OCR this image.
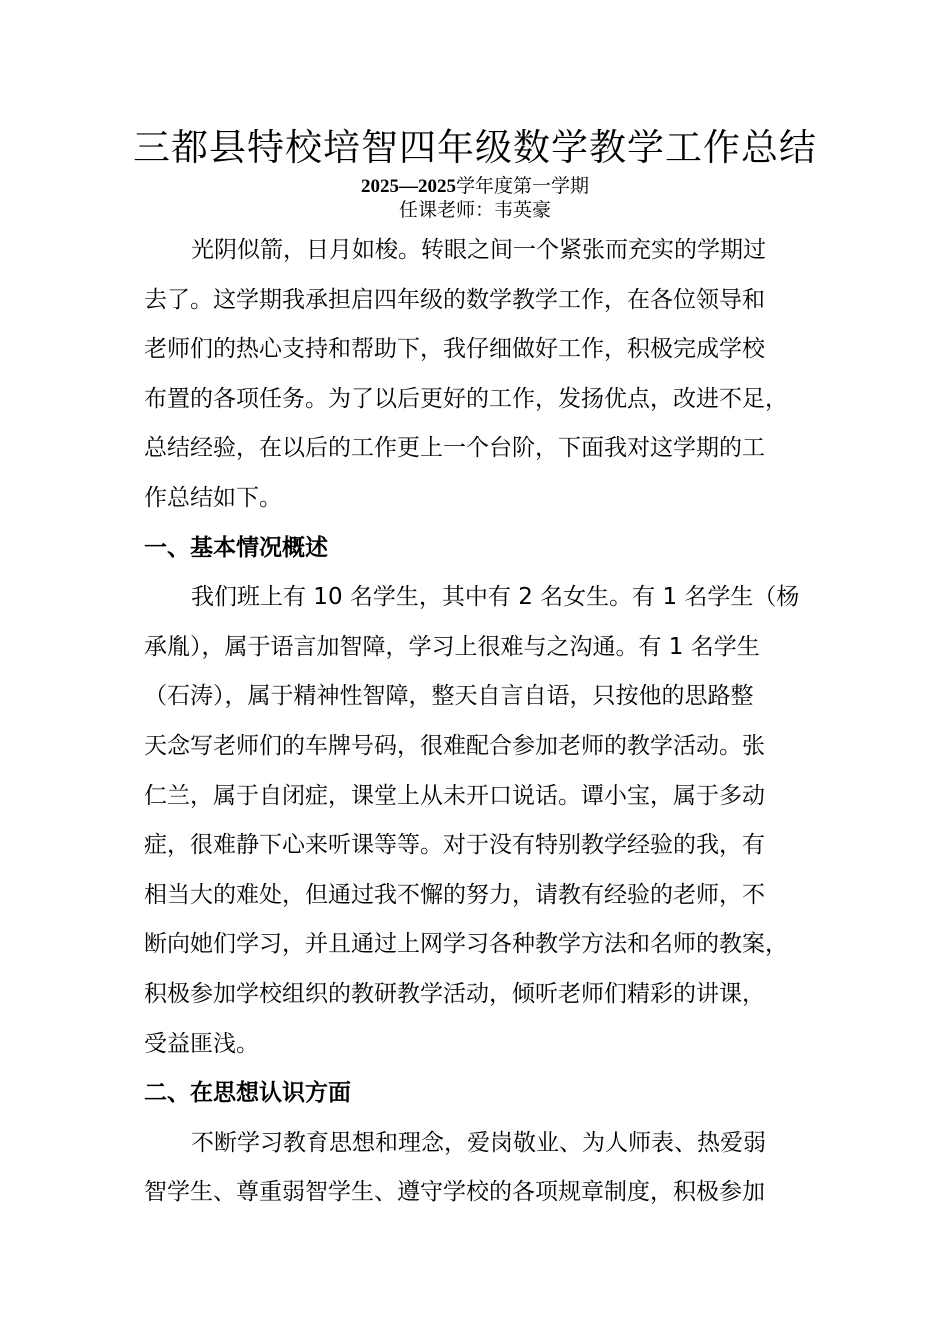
三都县特校培智四年级数学教学工作总结
2025—2025学年度第一学期
任课老师：韦英豪
光阴似箭，日月如梭。转眼之间一个紧张而充实的学期过
去了。这学期我承担启四年级的数学教学工作，在各位领导和
老师们的热心支持和帮助下，我仔细做好工作，积极完成学校
布置的各项任务。为了以后更好的工作，发扬优点，改进不足，
总结经验，在以后的工作更上一个台阶，下面我对这学期的工
作总结如下。
一、基本情况概述
我们班上有 10 名学生，其中有 2 名女生。有 1 名学生（杨
承胤），属于语言加智障，学习上很难与之沟通。有 1 名学生
（石涛），属于精神性智障，整天自言自语，只按他的思路整
天念写老师们的车牌号码，很难配合参加老师的教学活动。张
仁兰，属于自闭症，课堂上从未开口说话。谭小宝，属于多动
症，很难静下心来听课等等。对于没有特别教学经验的我，有
相当大的难处，但通过我不懈的努力，请教有经验的老师，不
断向她们学习，并且通过上网学习各种教学方法和名师的教案，
积极参加学校组织的教研教学活动，倾听老师们精彩的讲课，
受益匪浅。
二、在思想认识方面
不断学习教育思想和理念，爱岗敬业、为人师表、热爱弱
智学生、尊重弱智学生、遵守学校的各项规章制度，积极参加
